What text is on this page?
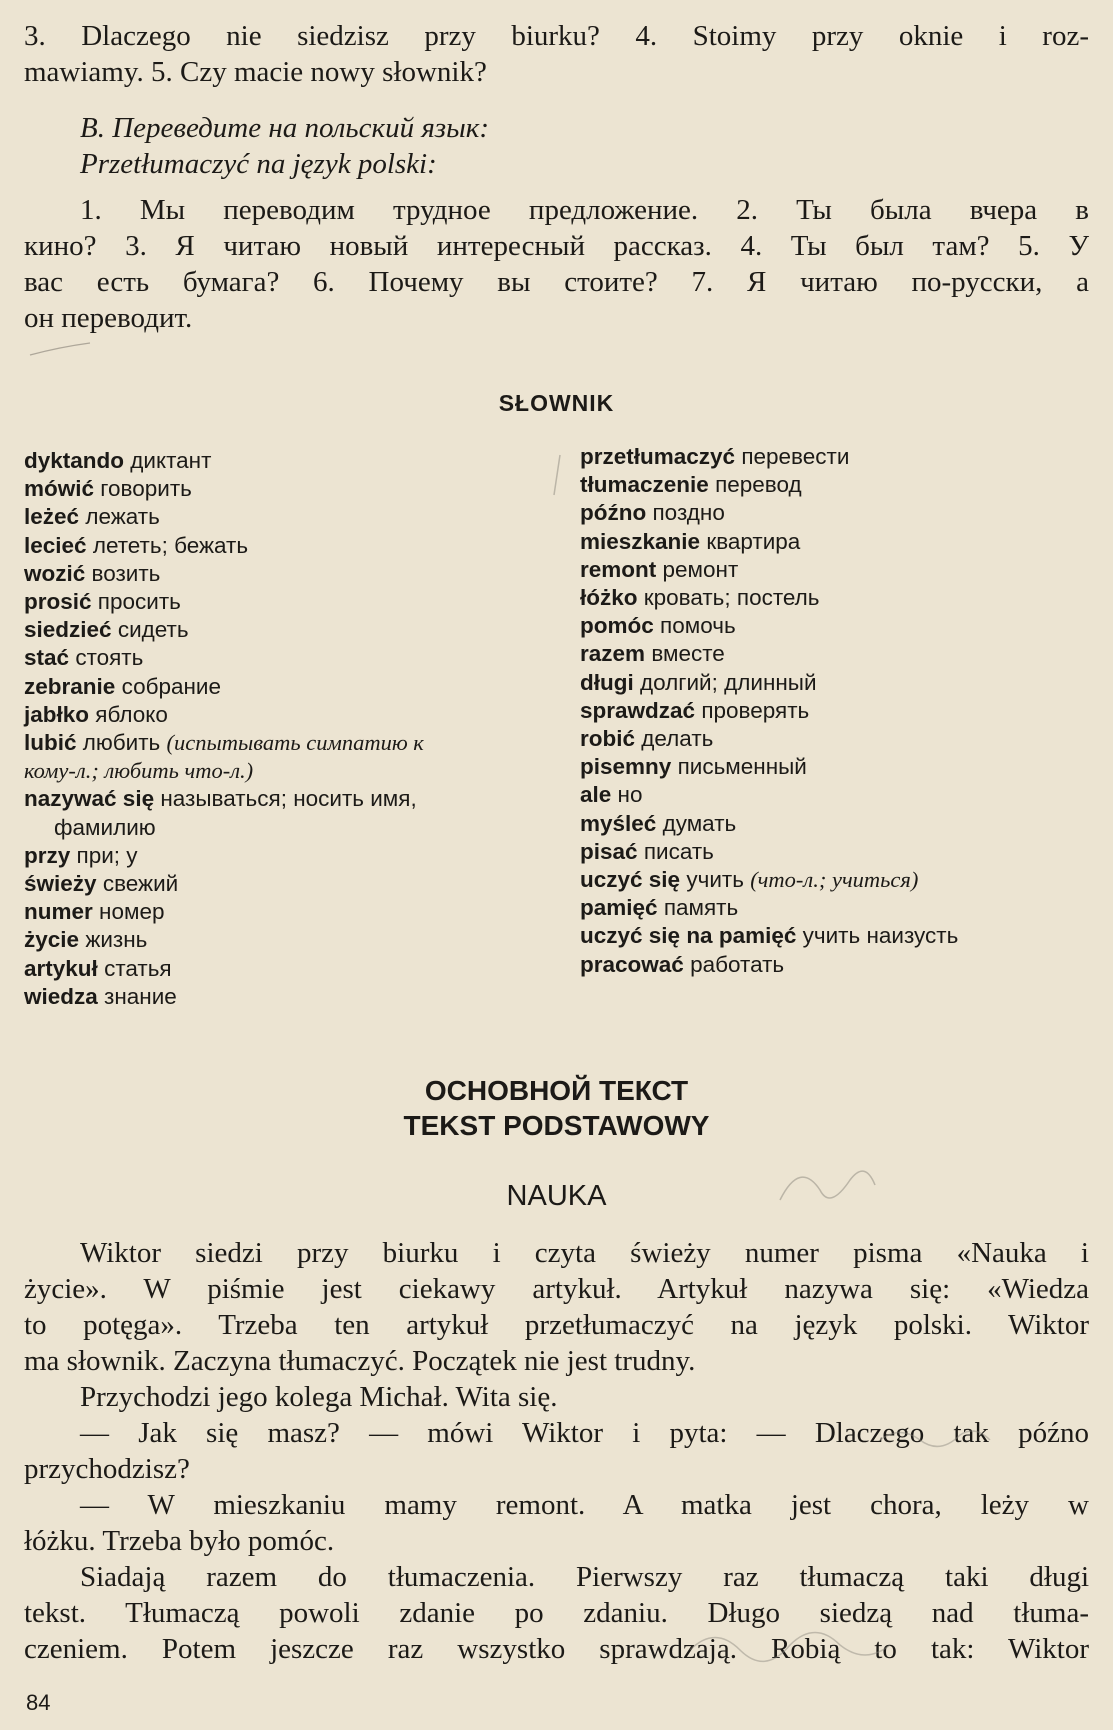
3. Dlaczego nie siedzisz przy biurku? 4. Stoimy przy oknie i roz-
mawiamy. 5. Czy macie nowy słownik?
В. Переведите на польский язык:
Przetłumaczyć na język polski:
1. Мы переводим трудное предложение. 2. Ты была вчера в
кино? 3. Я читаю новый интересный рассказ. 4. Ты был там? 5. У
вас есть бумага? 6. Почему вы стоите? 7. Я читаю по-русски, а
он переводит.
SŁOWNIK
dyktando диктант
mówić говорить
leżeć лежать
lecieć лететь; бежать
wozić возить
prosić просить
siedzieć сидеть
stać стоять
zebranie собрание
jabłko яблоко
lubić любить (испытывать симпатию к
кому-л.; любить что-л.)
nazywać się называться; носить имя,
фамилию
przy при; у
świeży свежий
numer номер
życie жизнь
artykuł статья
wiedza знание
przetłumaczyć перевести
tłumaczenie перевод
późno поздно
mieszkanie квартира
remont ремонт
łóżko кровать; постель
pomóc помочь
razem вместе
długi долгий; длинный
sprawdzać проверять
robić делать
pisemny письменный
ale но
myśleć думать
pisać писать
uczyć się учить (что-л.; учиться)
pamięć память
uczyć się na pamięć учить наизусть
pracować работать
ОСНОВНОЙ ТЕКСТ
TEKST PODSTAWOWY
NAUKA
Wiktor siedzi przy biurku i czyta świeży numer pisma «Nauka i
życie». W piśmie jest ciekawy artykuł. Artykuł nazywa się: «Wiedza
to potęga». Trzeba ten artykuł przetłumaczyć na język polski. Wiktor
ma słownik. Zaczyna tłumaczyć. Początek nie jest trudny.
Przychodzi jego kolega Michał. Wita się.
— Jak się masz? — mówi Wiktor i pyta: — Dlaczego tak późno
przychodzisz?
— W mieszkaniu mamy remont. A matka jest chora, leży w
łóżku. Trzeba było pomóc.
Siadają razem do tłumaczenia. Pierwszy raz tłumaczą taki długi
tekst. Tłumaczą powoli zdanie po zdaniu. Długo siedzą nad tłuma-
czeniem. Potem jeszcze raz wszystko sprawdzają. Robią to tak: Wiktor
84
